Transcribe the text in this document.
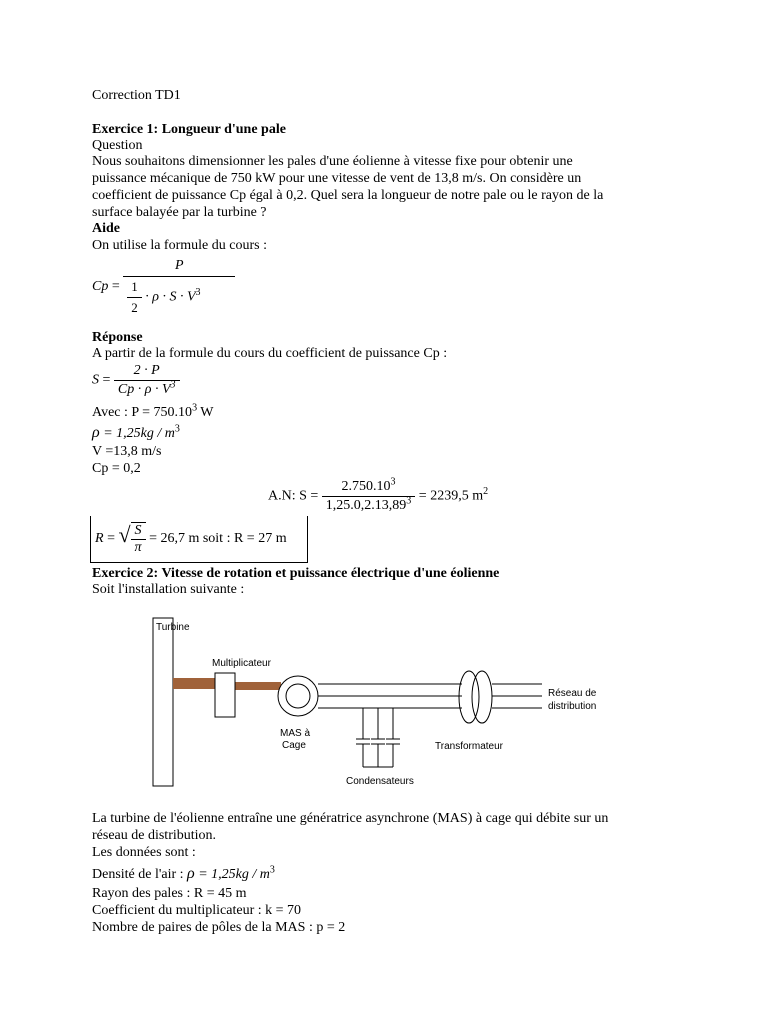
Correction TD1
Exercice 1: Longueur d'une pale
Question
Nous souhaitons dimensionner les pales d'une éolienne à vitesse fixe pour obtenir une
puissance mécanique de 750 kW pour une vitesse de vent de 13,8 m/s. On considère un
coefficient de puissance Cp égal à 0,2. Quel sera la longueur de notre pale ou le rayon de la
surface balayée par la turbine ?
Aide
On utilise la formule du cours :
$Cp = \frac{P}{\frac{1}{2} \cdot \rho \cdot S \cdot V^3}$
Réponse
A partir de la formule du cours du coefficient de puissance Cp :
$S = \frac{2 \cdot P}{Cp \cdot \rho \cdot V^3}$
Avec : $P = 750.10^3$ W
$\rho = 1,25kg / m^3$
V =13,8 m/s
Cp = 0,2
A.N: $S = \frac{2.750.10^3}{1,25.0,2.13,89^3} = 2239,5$ $m^2$
R = √ $\frac{S}{\pi} = 26,7$ m soit : R = 27 m
Exercice 2: Vitesse de rotation et puissance électrique d'une éolienne
Soit l'installation suivante :
Turbine
Multiplicateur
MAS à
Cage
Condensateurs
Transformateur
Réseau de
distribution
La turbine de l'éolienne entraîne une génératrice asynchrone (MAS) à cage qui débite sur un
réseau de distribution.
Les données sont :
Densité de l'air : $\rho = 1,25kg / m^3$
Rayon des pales : R = 45 m
Coefficient du multiplicateur : k = 70
Nombre de paires de pôles de la MAS : p = 2
